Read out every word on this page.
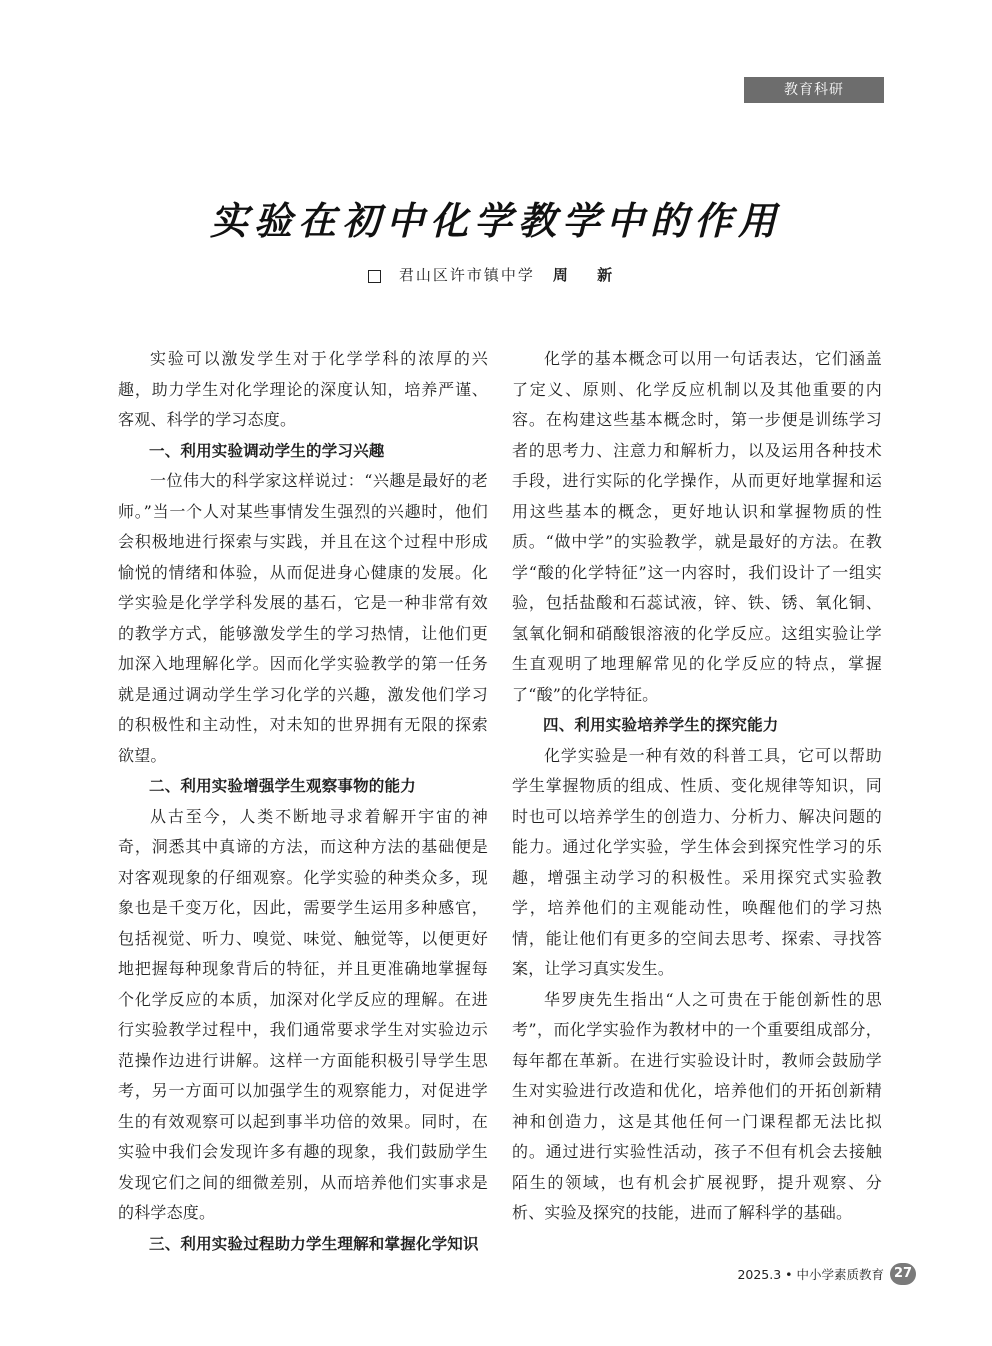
教育科研
实验在初中化学教学中的作用
君山区许市镇中学 周 新

实验可以激发学生对于化学学科的浓厚的兴趣，助力学生对化学理论的深度认知，培养严谨、客观、科学的学习态度。

一、利用实验调动学生的学习兴趣

一位伟大的科学家这样说过：“兴趣是最好的老师。”当一个人对某些事情发生强烈的兴趣时，他们会积极地进行探索与实践，并且在这个过程中形成愉悦的情绪和体验，从而促进身心健康的发展。化学实验是化学学科发展的基石，它是一种非常有效的教学方式，能够激发学生的学习热情，让他们更加深入地理解化学。因而化学实验教学的第一任务就是通过调动学生学习化学的兴趣，激发他们学习的积极性和主动性，对未知的世界拥有无限的探索欲望。

二、利用实验增强学生观察事物的能力

从古至今，人类不断地寻求着解开宇宙的神奇，洞悉其中真谛的方法，而这种方法的基础便是对客观现象的仔细观察。化学实验的种类众多，现象也是千变万化，因此，需要学生运用多种感官，包括视觉、听力、嗅觉、味觉、触觉等，以便更好地把握每种现象背后的特征，并且更准确地掌握每个化学反应的本质，加深对化学反应的理解。在进行实验教学过程中，我们通常要求学生对实验边示范操作边进行讲解。这样一方面能积极引导学生思考，另一方面可以加强学生的观察能力，对促进学生的有效观察可以起到事半功倍的效果。同时，在实验中我们会发现许多有趣的现象，我们鼓励学生发现它们之间的细微差别，从而培养他们实事求是的科学态度。

三、利用实验过程助力学生理解和掌握化学知识

化学的基本概念可以用一句话表达，它们涵盖了定义、原则、化学反应机制以及其他重要的内容。在构建这些基本概念时，第一步便是训练学习者的思考力、注意力和解析力，以及运用各种技术手段，进行实际的化学操作，从而更好地掌握和运用这些基本的概念，更好地认识和掌握物质的性质。“做中学”的实验教学，就是最好的方法。在教学“酸的化学特征”这一内容时，我们设计了一组实验，包括盐酸和石蕊试液，锌、铁、锈、氧化铜、氢氧化铜和硝酸银溶液的化学反应。这组实验让学生直观明了地理解常见的化学反应的特点，掌握了“酸”的化学特征。

四、利用实验培养学生的探究能力

化学实验是一种有效的科普工具，它可以帮助学生掌握物质的组成、性质、变化规律等知识，同时也可以培养学生的创造力、分析力、解决问题的能力。通过化学实验，学生体会到探究性学习的乐趣，增强主动学习的积极性。采用探究式实验教学，培养他们的主观能动性，唤醒他们的学习热情，能让他们有更多的空间去思考、探索、寻找答案，让学习真实发生。

华罗庚先生指出“人之可贵在于能创新性的思考”，而化学实验作为教材中的一个重要组成部分，每年都在革新。在进行实验设计时，教师会鼓励学生对实验进行改造和优化，培养他们的开拓创新精神和创造力，这是其他任何一门课程都无法比拟的。通过进行实验性活动，孩子不但有机会去接触陌生的领域，也有机会扩展视野，提升观察、分析、实验及探究的技能，进而了解科学的基础。

2025.3 • 中小学素质教育 27
